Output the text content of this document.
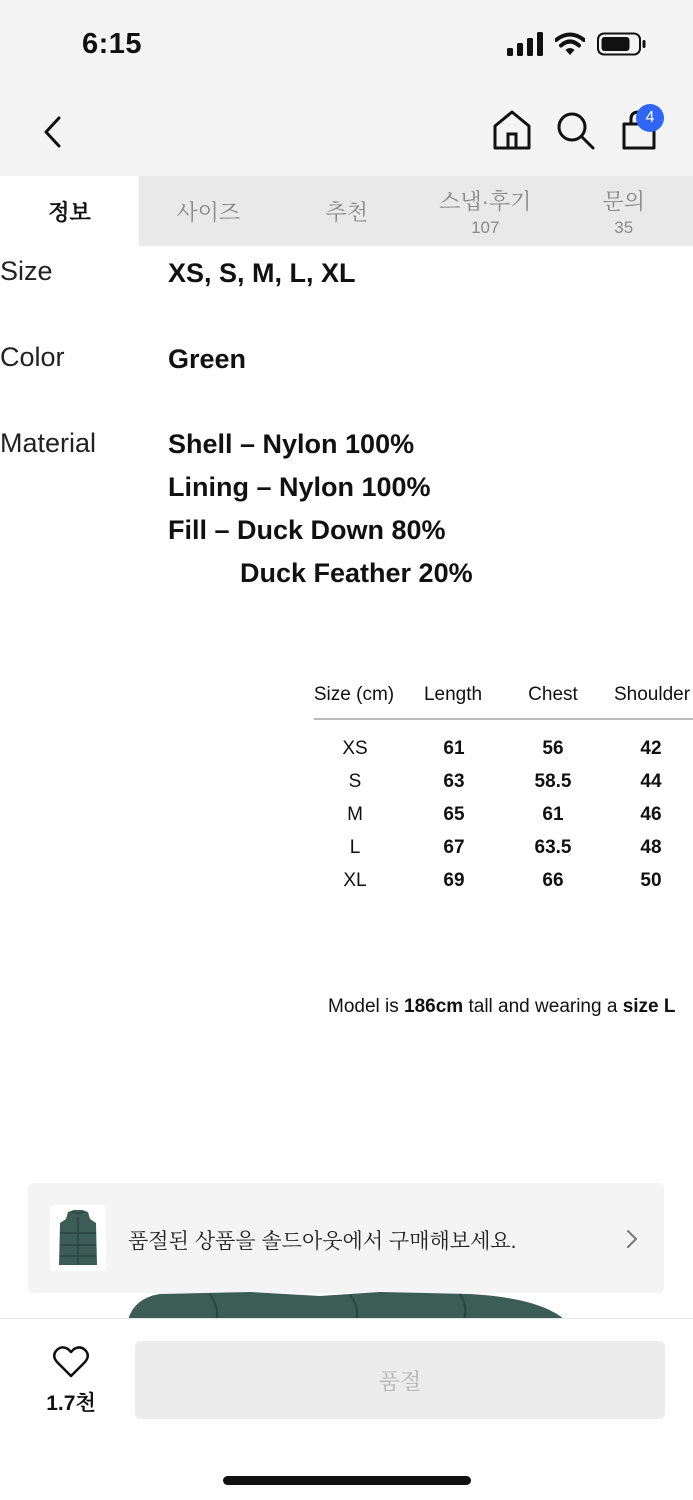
6:15
4
정보	사이즈	추천	스냅·후기
107
문의
35
Size	XS, S, M, L, XL
Color	Green
Material	Shell – Nylon 100%
Lining – Nylon 100%
Fill – Duck Down 80%
Duck Feather 20%
Size (cm) Length Chest Shoulder
XS	61	56	42
S	63	58.5	44
M	65	61	46
L	67	63.5	48
XL	69	66	50
Model is 186cm tall and wearing a size L
품절된 상품을 솔드아웃에서 구매해보세요.
1.7천
품절
